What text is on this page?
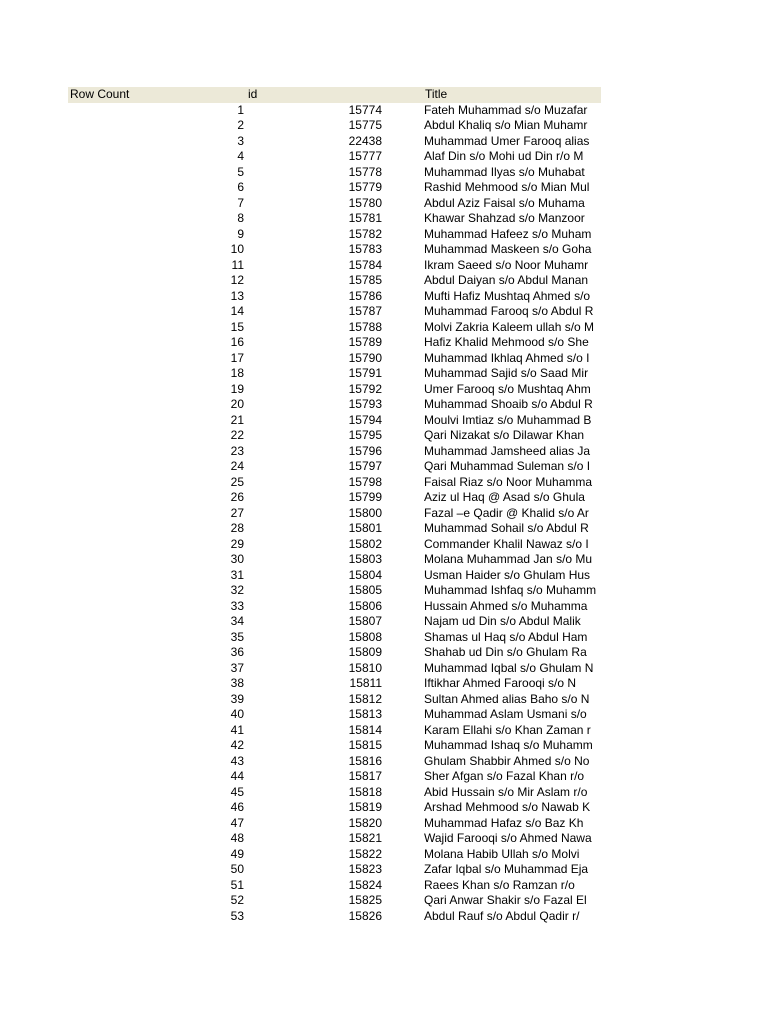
Row Count	id	Title
1	15774	Fateh Muhammad s/o Muzafar
2	15775	Abdul Khaliq s/o Mian Muhamr
3	22438	Muhammad Umer Farooq alias
4	15777	Alaf Din s/o Mohi ud Din r/o M
5	15778	Muhammad Ilyas s/o Muhabat
6	15779	Rashid Mehmood s/o Mian Mul
7	15780	Abdul Aziz Faisal s/o Muhama
8	15781	Khawar Shahzad s/o Manzoor
9	15782	Muhammad Hafeez s/o Muham
10	15783	Muhammad Maskeen s/o Goha
11	15784	Ikram Saeed s/o Noor Muhamr
12	15785	Abdul Daiyan s/o Abdul Manan
13	15786	Mufti Hafiz Mushtaq Ahmed s/o
14	15787	Muhammad Farooq s/o Abdul R
15	15788	Molvi Zakria Kaleem ullah s/o M
16	15789	Hafiz Khalid Mehmood s/o She
17	15790	Muhammad Ikhlaq Ahmed s/o I
18	15791	Muhammad Sajid s/o Saad Mir
19	15792	Umer Farooq s/o Mushtaq Ahm
20	15793	Muhammad Shoaib s/o Abdul R
21	15794	Moulvi Imtiaz s/o Muhammad B
22	15795	Qari Nizakat s/o Dilawar Khan
23	15796	Muhammad Jamsheed alias Ja
24	15797	Qari Muhammad Suleman s/o I
25	15798	Faisal Riaz s/o Noor Muhamma
26	15799	Aziz ul Haq @ Asad s/o Ghula
27	15800	Fazal –e Qadir @ Khalid s/o Ar
28	15801	Muhammad Sohail s/o Abdul R
29	15802	Commander Khalil Nawaz s/o I
30	15803	Molana Muhammad Jan s/o Mu
31	15804	Usman Haider s/o Ghulam Hus
32	15805	Muhammad Ishfaq s/o Muhamm
33	15806	Hussain Ahmed s/o Muhamma
34	15807	Najam ud Din s/o Abdul Malik
35	15808	Shamas ul Haq s/o Abdul Ham
36	15809	Shahab ud Din s/o Ghulam Ra
37	15810	Muhammad Iqbal s/o Ghulam N
38	15811	Iftikhar Ahmed Farooqi s/o N
39	15812	Sultan Ahmed alias Baho s/o N
40	15813	Muhammad Aslam Usmani s/o
41	15814	Karam Ellahi s/o Khan Zaman r
42	15815	Muhammad Ishaq s/o Muhamm
43	15816	Ghulam Shabbir Ahmed s/o No
44	15817	Sher Afgan s/o Fazal Khan r/o
45	15818	Abid Hussain s/o Mir Aslam r/o
46	15819	Arshad Mehmood s/o Nawab K
47	15820	Muhammad Hafaz s/o Baz Kh
48	15821	Wajid Farooqi s/o Ahmed Nawa
49	15822	Molana Habib Ullah s/o Molvi
50	15823	Zafar Iqbal s/o Muhammad Eja
51	15824	Raees Khan s/o Ramzan r/o
52	15825	Qari Anwar Shakir s/o Fazal El
53	15826	Abdul Rauf s/o Abdul Qadir r/
